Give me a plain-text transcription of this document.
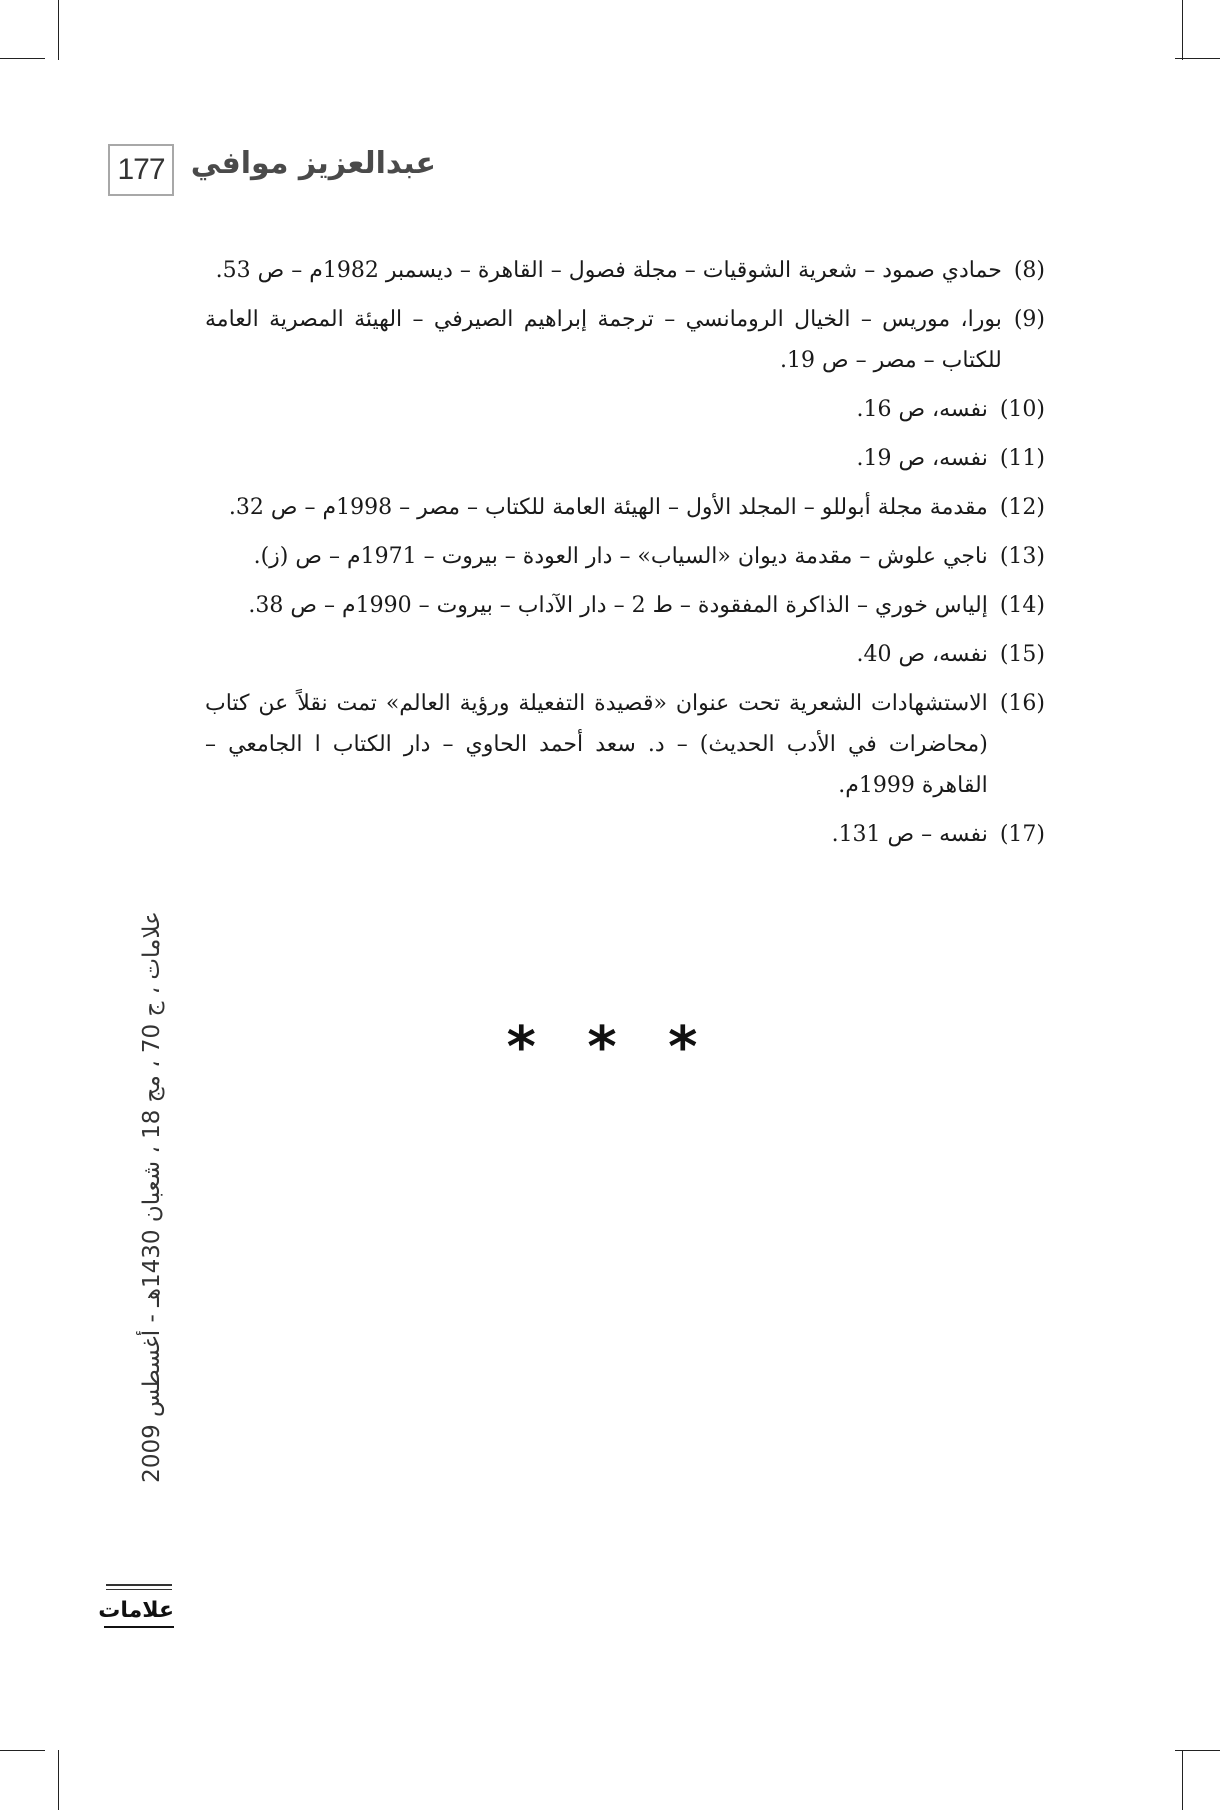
177 عبدالعزيز موافي
(8)
حمادي صمود – شعرية الشوقيات – مجلة فصول – القاهرة – ديسمبر 1982م – ص 53.
(9)
بورا، موريس – الخيال الرومانسي – ترجمة إبراهيم الصيرفي – الهيئة المصرية العامة للكتاب – مصر – ص 19.
(10)
نفسه، ص 16.
(11)
نفسه، ص 19.
(12)
مقدمة مجلة أبوللو – المجلد الأول – الهيئة العامة للكتاب – مصر – 1998م – ص 32.
(13)
ناجي علوش – مقدمة ديوان «السياب» – دار العودة – بيروت – 1971م – ص (ز).
(14)
إلياس خوري – الذاكرة المفقودة – ط 2 – دار الآداب – بيروت – 1990م – ص 38.
(15)
نفسه، ص 40.
(16)
الاستشهادات الشعرية تحت عنوان «قصيدة التفعيلة ورؤية العالم» تمت نقلاً عن كتاب (محاضرات في الأدب الحديث) – د. سعد أحمد الحاوي – دار الكتاب ا الجامعي – القاهرة 1999م.
(17)
نفسه – ص 131.
* * *
علامات ، ج 70 ، مج 18 ، شعبان 1430هـ - أغسطس 2009
علامات
